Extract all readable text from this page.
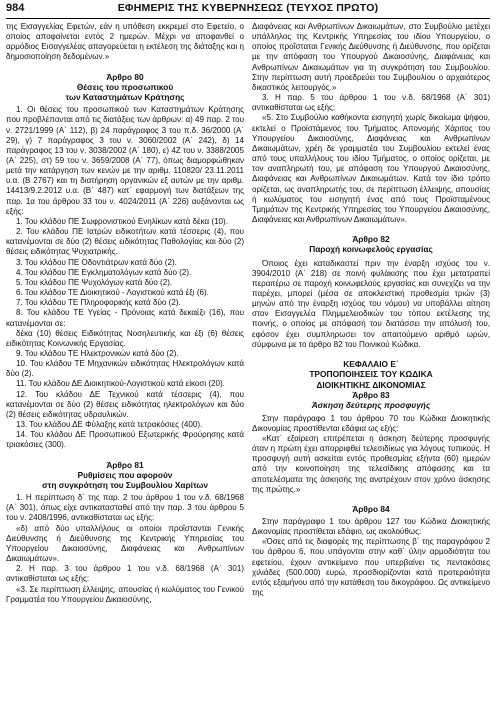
984	ΕΦΗΜΕΡΙΣ ΤΗΣ ΚΥΒΕΡΝΗΣΕΩΣ (ΤΕΥΧΟΣ ΠΡΩΤΟ)

της Εισαγγελίας Εφετών, εάν η υπόθεση εκκρεμεί στο Εφετείο, ο οποίος αποφαίνεται εντός 2 ημερών. Μέχρι να αποφανθεί ο αρμόδιος Εισαγγελέας απαγορεύεται η εκτέλεση της διάταξης και η δημοσιοποίηση δεδομένων.»

Άρθρο 80
Θέσεις του προσωπικού
των Καταστημάτων Κράτησης

1. Οι θέσεις του προσωπικού των Καταστημάτων Κράτησης που προβλέπονται από τις διατάξεις των άρθρων: α) 49 παρ. 2 του ν. 2721/1999 (Α΄ 112), β) 24 παράγραφος 3 του π.δ. 36/2000 (Α΄ 29), γ) 7 παράγραφος 3 του ν. 3060/2002 (Α΄ 242), δ) 14 παράγραφος 13 του ν. 3038/2002 (Α΄ 180), ε) 4Ζ του ν. 3388/2005 (Α΄ 225), στ) 59 του ν. 3659/2008 (Α΄ 77), όπως διαμορφώθηκαν μετά την κατάργηση των κενών με την αριθμ. 110820/ 23.11.2011 υ.α. (Β 2767) και τη διατήρηση οργανικών εξ αυτών με την αριθμ. 14413/9.2.2012 υ.α. (Β΄ 487) κατ΄ εφαρμογή των διατάξεων της παρ. 1α του άρθρου 33 του ν. 4024/2011 (Α΄ 226) αυξάνονται ως εξής:

1. Του κλάδου ΠΕ Σωφρονιστικού Ενηλίκων κατά δέκα (10).

2. Του κλάδου ΠΕ Ιατρών ειδικοτήτων κατά τέσσερις (4), που κατανέμονται σε δύο (2) θέσεις ειδικότητας Παθολογίας και δύο (2) θέσεις ειδικότητας Ψυχιατρικής.

3. Του κλάδου ΠΕ Οδοντιάτρων κατά δύο (2).

4. Του κλάδου ΠΕ Εγκληματολόγων κατά δύο (2).

5. Του κλάδου ΠΕ Ψυχολόγων κατά δύο (2).

6. Του κλάδου ΤΕ Διοικητικού - Λογιστικού κατά έξι (6).

7. Του κλάδου ΤΕ Πληροφορικής κατά δύο (2).

8. Του κλάδου ΤΕ Υγείας - Πρόνοιας κατά δεκαέξι (16), που κατανέμονται σε:

δέκα (10) θέσεις Ειδικότητας Νοσηλευτικής και έξι (6) θέσεις ειδικότητας Κοινωνικής Εργασίας.

9. Του κλάδου ΤΕ Ηλεκτρονικών κατά δύο (2).

10. Του κλάδου ΤΕ Μηχανικών ειδικότητας Ηλεκτρολόγων κατά δύο (2).

11. Του κλάδου ΔΕ Διοικητικού-Λογιστικού κατά είκοσι (20).

12. Του κλάδου ΔΕ Τεχνικού κατά τέσσερις (4), που κατανέμονται σε δύο (2) θέσεις ειδικότητας ηλεκτρολόγων και δύο (2) θέσεις ειδικότητας υδραυλικών.

13. Του κλάδου ΔΕ Φύλαξης κατά τετρακόσιες (400).

14. Του κλάδου ΔΕ Προσωπικού Εξωτερικής Φρούρησης κατά τριακόσιες (300).

Άρθρο 81
Ρυθμίσεις που αφορούν
στη συγκρότηση του Συμβουλίου Χαρίτων

1. Η περίπτωση δ΄ της παρ. 2 του άρθρου 1 του ν.δ. 68/1968 (Α΄ 301), όπως είχε αντικατασταθεί από την παρ. 3 του άρθρου 5 του ν. 2408/1996, αντικαθίσταται ως εξής:

«δ) από δύο υπαλλήλους οι οποίοι προΐστανται Γενικής Διεύθυνσης ή Διεύθυνσης της Κεντρικής Υπηρεσίας του Υπουργείου Δικαιοσύνης, Διαφάνειας και Ανθρωπίνων Δικαιωμάτων».

2. Η παρ. 3 του άρθρου 1 του ν.δ. 68/1968 (Α΄ 301) αντικαθίσταται ως εξής:

«3. Σε περίπτωση έλλειψης, απουσίας ή κωλύματος του Γενικού Γραμματέα του Υπουργείου Δικαιοσύνης,

Διαφάνειας και Ανθρωπίνων Δικαιωμάτων, στο Συμβούλιο μετέχει υπάλληλος της Κεντρικής Υπηρεσίας του ιδίου Υπουργείου, ο οποίος προΐσταται Γενικής Διεύθυνσης ή Διεύθυνσης, που ορίζεται με την απόφαση του Υπουργού Δικαιοσύνης, Διαφάνειας και Ανθρωπίνων Δικαιωμάτων για τη συγκρότηση του Συμβουλίου. Στην περίπτωση αυτή προεδρεύει του Συμβουλίου ο αρχαιότερος δικαστικός λειτουργός.»

3. Η παρ. 5 του άρθρου 1 του ν.δ. 68/1968 (Α΄ 301) αντικαθίσταται ως εξής:

«5. Στο Συμβούλιο καθήκοντα εισηγητή χωρίς δικαίωμα ψήφου, εκτελεί ο Προϊστάμενος του Τμήματος Απονομής Χάριτος του Υπουργείου Δικαιοσύνης, Διαφάνειας και Ανθρωπίνων Δικαιωμάτων, χρέη δε γραμματέα του Συμβουλίου εκτελεί ένας από τους υπαλλήλους του ιδίου Τμήματος, ο οποίος ορίζεται, με τον αναπληρωτή του, με απόφαση του Υπουργού Δικαιοσύνης, Διαφάνειας και Ανθρωπίνων Δικαιωμάτων. Κατά τον ίδιο τρόπο ορίζεται, ως αναπληρωτής του, σε περίπτωση έλλειψης, απουσίας ή κωλύματος του εισηγητή ένας από τους Προϊσταμένους Τμημάτων της Κεντρικής Υπηρεσίας του Υπουργείου Δικαιοσύνης, Διαφάνειας και Ανθρωπίνων Δικαιωμάτων».

Άρθρο 82
Παροχή κοινωφελούς εργασίας

Όποιος έχει καταδικαστεί πριν την έναρξη ισχύος του ν. 3904/2010 (Α΄ 218) σε ποινή φυλάκισης που έχει μετατραπεί περαιτέρω σε παροχή κοινωφελούς εργασίας και συνεχίζει να την παρέχει, μπορεί (μέσα σε αποκλειστική προθεσμία τριών (3) μηνών από την έναρξη ισχύος του νόμου) να υποβάλλει αίτηση στον Εισαγγελέα Πλημμελειοδικών του τόπου εκτέλεσης της ποινής, ο οποίος με απόφασή του διατάσσει την απόλυσή του, εφόσον έχει συμπληρωσει τον απαιτούμενο αριθμό ωρών, σύμφωνα με το άρθρο 82 του Ποινικού Κώδικα.

ΚΕΦΑΛΑΙΟ Ε΄
ΤΡΟΠΟΠΟΙΗΣΕΙΣ ΤΟΥ ΚΩΔΙΚΑ
ΔΙΟΙΚΗΤΙΚΗΣ ΔΙΚΟΝΟΜΙΑΣ
Άρθρο 83
Άσκηση δεύτερης προσφυγής

Στην παράγραφο 1 του άρθρου 70 του Κώδικα Διοικητικής Δικονομίας προστίθενται εδάφια ως εξής:

«Κατ΄ εξαίρεση επιτρέπεται η άσκηση δεύτερης προσφυγής όταν η πρώτη έχει απορριφθεί τελεσιδίκως για λόγους τυπικούς. Η προσφυγή αυτή ασκείται εντός προθεσμίας εξήντα (60) ημερών από την κοινοποίηση της τελεσίδικης απόφασης και τα αποτελέσματα της άσκησής της ανατρέχουν στον χρόνο άσκησης της πρώτης.»

Άρθρο 84

Στην παράγραφο 1 του άρθρου 127 του Κώδικα Διοικητικής Δικονομίας προστίθεται εδάφιο, ως ακολούθως:

«Όσες από τις διαφορές της περίπτωσης β΄ της παραγράφου 2 του άρθρου 6, που υπάγονται στην καθ΄ ύλην αρμοδιότητα του εφετείου, έχουν αντικείμενο που υπερβαίνει τις πεντακόσιες χιλιάδες (500.000) ευρώ, προσδιορίζονται κατά προτεραιότητα εντός εξαμήνου από την κατάθεση του δικογράφου. Ως αντικείμενο της
